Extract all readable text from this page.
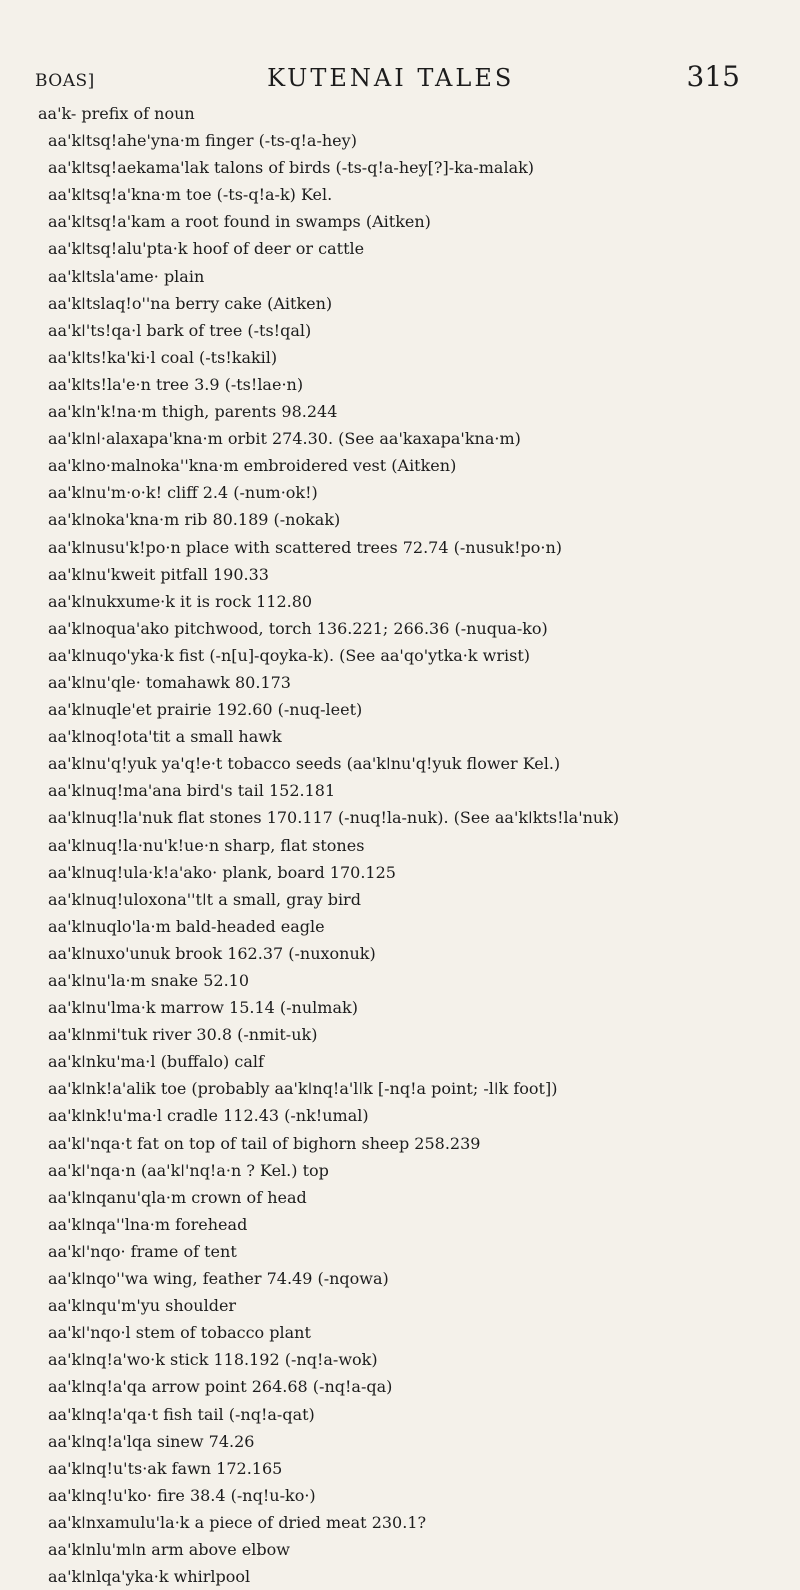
BOAS]	KUTENAI TALES	315
aa'k- prefix of noun
aa'kǀtsq!ahe'yna·m finger (-ts-q!a-hey)
aa'kǀtsq!aekama'lak talons of birds (-ts-q!a-hey[?]-ka-malak)
aa'kǀtsq!a'kna·m toe (-ts-q!a-k) Kel.
aa'kǀtsq!a'kam a root found in swamps (Aitken)
aa'kǀtsq!alu'pta·k hoof of deer or cattle
aa'kǀtsla'ame· plain
aa'kǀtslaq!o''na berry cake (Aitken)
aa'kǀ'ts!qa·l bark of tree (-ts!qal)
aa'kǀts!ka'ki·l coal (-ts!kakil)
aa'kǀts!la'e·n tree 3.9 (-ts!lae·n)
aa'kǀn'k!na·m thigh, parents 98.244
aa'kǀnǀ·alaxapa'kna·m orbit 274.30. (See aa'kaxapa'kna·m)
aa'kǀno·malnoka''kna·m embroidered vest (Aitken)
aa'kǀnu'm·o·k! cliff 2.4 (-num·ok!)
aa'kǀnoka'kna·m rib 80.189 (-nokak)
aa'kǀnusu'k!po·n place with scattered trees 72.74 (-nusuk!po·n)
aa'kǀnu'kweit pitfall 190.33
aa'kǀnukxume·k it is rock 112.80
aa'kǀnoqua'ako pitchwood, torch 136.221; 266.36 (-nuqua-ko)
aa'kǀnuqo'yka·k fist (-n[u]-qoyka-k). (See aa'qo'ytka·k wrist)
aa'kǀnu'qle· tomahawk 80.173
aa'kǀnuqle'et prairie 192.60 (-nuq-leet)
aa'kǀnoq!ota'tit a small hawk
aa'kǀnu'q!yuk ya'q!e·t tobacco seeds (aa'kǀnu'q!yuk flower Kel.)
aa'kǀnuq!ma'ana bird's tail 152.181
aa'kǀnuq!la'nuk flat stones 170.117 (-nuq!la-nuk). (See aa'kǀkts!la'nuk)
aa'kǀnuq!la·nu'k!ue·n sharp, flat stones
aa'kǀnuq!ula·k!a'ako· plank, board 170.125
aa'kǀnuq!uloxona''tǀt a small, gray bird
aa'kǀnuqlo'la·m bald-headed eagle
aa'kǀnuxo'unuk brook 162.37 (-nuxonuk)
aa'kǀnu'la·m snake 52.10
aa'kǀnu'lma·k marrow 15.14 (-nulmak)
aa'kǀnmi'tuk river 30.8 (-nmit-uk)
aa'kǀnku'ma·l (buffalo) calf
aa'kǀnk!a'alik toe (probably aa'kǀnq!a'lǀk [-nq!a point; -lǀk foot])
aa'kǀnk!u'ma·l cradle 112.43 (-nk!umal)
aa'kǀ'nqa·t fat on top of tail of bighorn sheep 258.239
aa'kǀ'nqa·n (aa'kǀ'nq!a·n ? Kel.) top
aa'kǀnqanu'qla·m crown of head
aa'kǀnqa''lna·m forehead
aa'kǀ'nqo· frame of tent
aa'kǀnqo''wa wing, feather 74.49 (-nqowa)
aa'kǀnqu'm'yu shoulder
aa'kǀ'nqo·l stem of tobacco plant
aa'kǀnq!a'wo·k stick 118.192 (-nq!a-wok)
aa'kǀnq!a'qa arrow point 264.68 (-nq!a-qa)
aa'kǀnq!a'qa·t fish tail (-nq!a-qat)
aa'kǀnq!a'lqa sinew 74.26
aa'kǀnq!u'ts·ak fawn 172.165
aa'kǀnq!u'ko· fire 38.4 (-nq!u-ko·)
aa'kǀnxamulu'la·k a piece of dried meat 230.1?
aa'kǀnlu'mǀn arm above elbow
aa'kǀnlqa'yka·k whirlpool
